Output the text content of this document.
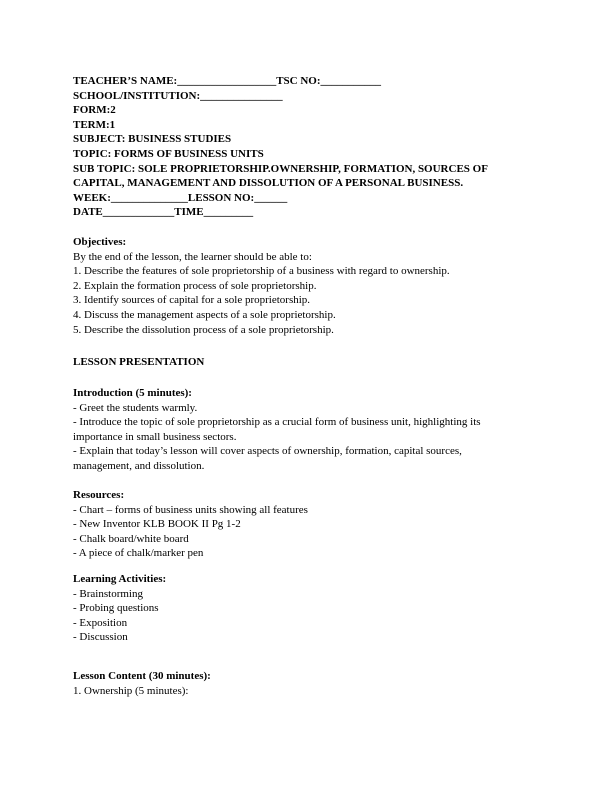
TEACHER’S NAME:__________________TSC NO:___________
SCHOOL/INSTITUTION:_______________
FORM:2
TERM:1
SUBJECT: BUSINESS STUDIES
TOPIC: FORMS OF BUSINESS UNITS
SUB TOPIC: SOLE PROPRIETORSHIP.OWNERSHIP, FORMATION, SOURCES OF
CAPITAL, MANAGEMENT AND DISSOLUTION OF A PERSONAL BUSINESS.
WEEK:______________LESSON NO:______
DATE_____________TIME_________
Objectives:
By the end of the lesson, the learner should be able to:
1. Describe the features of sole proprietorship of a business with regard to ownership.
2. Explain the formation process of sole proprietorship.
3. Identify sources of capital for a sole proprietorship.
4. Discuss the management aspects of a sole proprietorship.
5. Describe the dissolution process of a sole proprietorship.
LESSON PRESENTATION
Introduction (5 minutes):
- Greet the students warmly.
- Introduce the topic of sole proprietorship as a crucial form of business unit, highlighting its
importance in small business sectors.
- Explain that today’s lesson will cover aspects of ownership, formation, capital sources,
management, and dissolution.
Resources:
- Chart – forms of business units showing all features
- New Inventor KLB BOOK II Pg 1-2
- Chalk board/white board
- A piece of chalk/marker pen
Learning Activities:
- Brainstorming
- Probing questions
- Exposition
- Discussion
Lesson Content (30 minutes):
1. Ownership (5 minutes):
